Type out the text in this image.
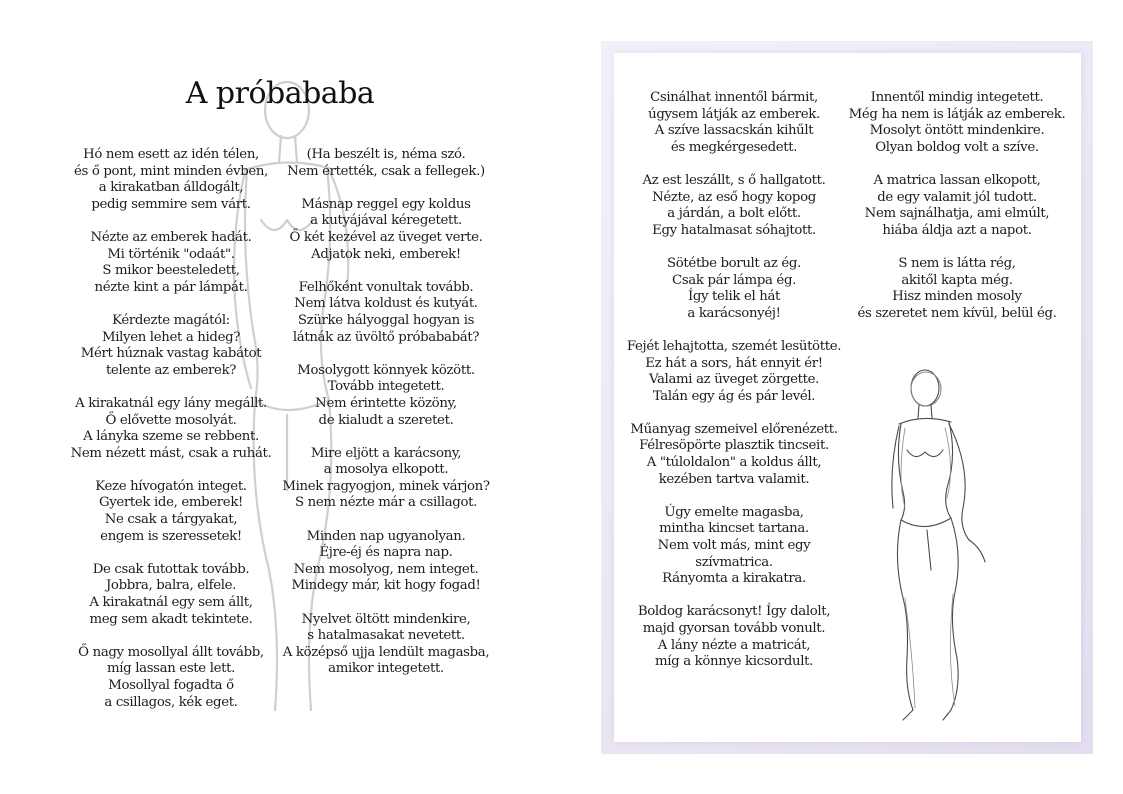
A próbababa
Hó nem esett az idén télen,
és ő pont, mint minden évben,
a kirakatban álldogált,
pedig semmire sem várt.
Nézte az emberek hadát.
Mi történik "odaát".
S mikor beesteledett,
nézte kint a pár lámpát.
Kérdezte magától:
Milyen lehet a hideg?
Mért húznak vastag kabátot
telente az emberek?
A kirakatnál egy lány megállt.
Ő elővette mosolyát.
A lányka szeme se rebbent.
Nem nézett mást, csak a ruhát.
Keze hívogatón integet.
Gyertek ide, emberek!
Ne csak a tárgyakat,
engem is szeressetek!
De csak futottak tovább.
Jobbra, balra, elfele.
A kirakatnál egy sem állt,
meg sem akadt tekintete.
Ő nagy mosollyal állt tovább,
míg lassan este lett.
Mosollyal fogadta ő
a csillagos, kék eget.
(Ha beszélt is, néma szó.
Nem értették, csak a fellegek.)
Másnap reggel egy koldus
a kutyájával kéregetett.
Ő két kezével az üveget verte.
Adjatok neki, emberek!
Felhőként vonultak tovább.
Nem látva koldust és kutyát.
Szürke hályoggal hogyan is
látnák az üvöltő próbababát?
Mosolygott könnyek között.
Tovább integetett.
Nem érintette közöny,
de kialudt a szeretet.
Mire eljött a karácsony,
a mosolya elkopott.
Minek ragyogjon, minek várjon?
S nem nézte már a csillagot.
Minden nap ugyanolyan.
Éjre-éj és napra nap.
Nem mosolyog, nem integet.
Mindegy már, kit hogy fogad!
Nyelvet öltött mindenkire,
s hatalmasakat nevetett.
A középső ujja lendült magasba,
amikor integetett.
Csinálhat innentől bármit,
úgysem látják az emberek.
A szíve lassacskán kihűlt
és megkérgesedett.
Az est leszállt, s ő hallgatott.
Nézte, az eső hogy kopog
a járdán, a bolt előtt.
Egy hatalmasat sóhajtott.
Sötétbe borult az ég.
Csak pár lámpa ég.
Így telik el hát
a karácsonyéj!
Fejét lehajtotta, szemét lesütötte.
Ez hát a sors, hát ennyit ér!
Valami az üveget zörgette.
Talán egy ág és pár levél.
Műanyag szemeivel előrenézett.
Félresöpörte plasztik tincseit.
A "túloldalon" a koldus állt,
kezében tartva valamit.
Úgy emelte magasba,
mintha kincset tartana.
Nem volt más, mint egy
szívmatrica.
Rányomta a kirakatra.
Boldog karácsonyt! Így dalolt,
majd gyorsan tovább vonult.
A lány nézte a matricát,
míg a könnye kicsordult.
Innentől mindig integetett.
Még ha nem is látják az emberek.
Mosolyt öntött mindenkire.
Olyan boldog volt a szíve.
A matrica lassan elkopott,
de egy valamit jól tudott.
Nem sajnálhatja, ami elmúlt,
hiába áldja azt a napot.
S nem is látta rég,
akitől kapta még.
Hisz minden mosoly
és szeretet nem kívül, belül ég.
